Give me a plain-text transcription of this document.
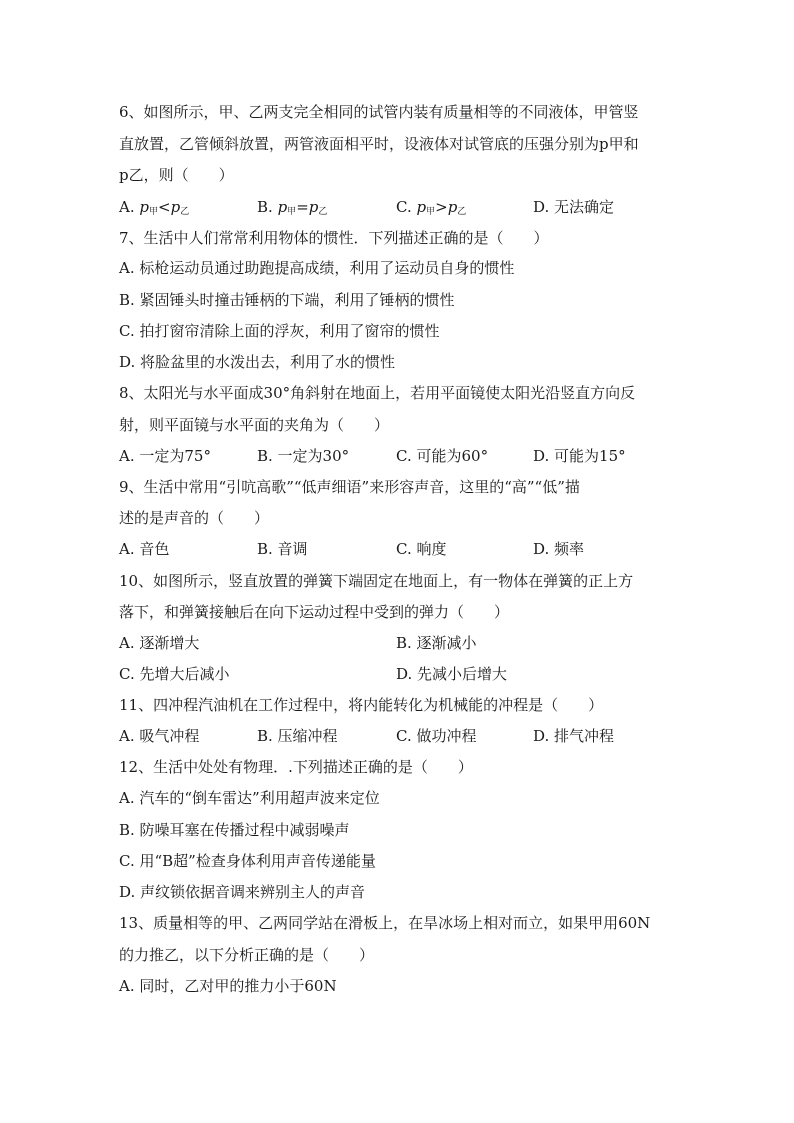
6、如图所示，甲、乙两支完全相同的试管内装有质量相等的不同液体，甲管竖
直放置，乙管倾斜放置，两管液面相平时，设液体对试管底的压强分别为p甲和
p乙，则（　　）
A. $p_甲<p_乙$	B. $p_甲=p_乙$	C. $p_甲>p_乙$	D. 无法确定
7、生活中人们常常利用物体的惯性．下列描述正确的是（　　）
A. 标枪运动员通过助跑提高成绩，利用了运动员自身的惯性
B. 紧固锤头时撞击锤柄的下端，利用了锤柄的惯性
C. 拍打窗帘清除上面的浮灰，利用了窗帘的惯性
D. 将脸盆里的水泼出去，利用了水的惯性
8、太阳光与水平面成30°角斜射在地面上，若用平面镜使太阳光沿竖直方向反
射，则平面镜与水平面的夹角为（　　）
A. 一定为75°	B. 一定为30°	C. 可能为60°	D. 可能为15°
9、生活中常用“引吭高歌”“低声细语”来形容声音，这里的“高”“低”描
述的是声音的（　　）
A. 音色	B. 音调	C. 响度	D. 频率
10、如图所示，竖直放置的弹簧下端固定在地面上，有一物体在弹簧的正上方
落下，和弹簧接触后在向下运动过程中受到的弹力（　　）
A. 逐渐增大	B. 逐渐减小
C. 先增大后减小	D. 先减小后增大
11、四冲程汽油机在工作过程中，将内能转化为机械能的冲程是（　　）
A. 吸气冲程	B. 压缩冲程	C. 做功冲程	D. 排气冲程
12、生活中处处有物理．.下列描述正确的是（　　）
A. 汽车的“倒车雷达”利用超声波来定位
B. 防噪耳塞在传播过程中减弱噪声
C. 用“B超”检查身体利用声音传递能量
D. 声纹锁依据音调来辨别主人的声音
13、质量相等的甲、乙两同学站在滑板上，在旱冰场上相对而立，如果甲用60N
的力推乙，以下分析正确的是（　　）
A. 同时，乙对甲的推力小于60N
